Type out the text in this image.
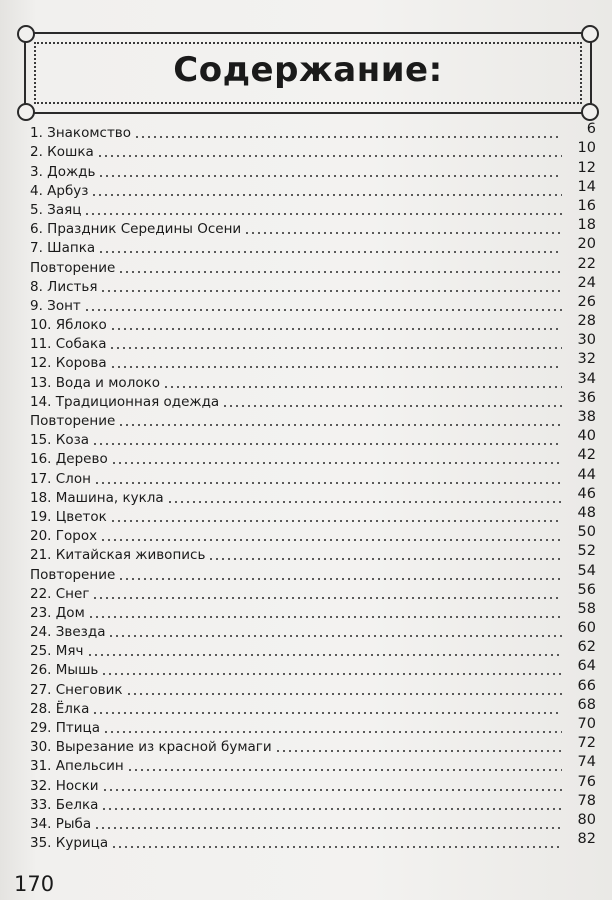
Содержание:
1. Знакомство	6
2. Кошка	10
3. Дождь	12
4. Арбуз	14
5. Заяц	16
6. Праздник Середины Осени	18
7. Шапка	20
Повторение	22
8. Листья	24
9. Зонт	26
10. Яблоко	28
11. Собака	30
12. Корова	32
13. Вода и молоко	34
14. Традиционная одежда	36
Повторение	38
15. Коза	40
16. Дерево	42
17. Слон	44
18. Машина, кукла	46
19. Цветок	48
20. Горох	50
21. Китайская живопись	52
Повторение	54
22. Снег	56
23. Дом	58
24. Звезда	60
25. Мяч	62
26. Мышь	64
27. Снеговик	66
28. Ёлка	68
29. Птица	70
30. Вырезание из красной бумаги	72
31. Апельсин	74
32. Носки	76
33. Белка	78
34. Рыба	80
35. Курица	82
170
